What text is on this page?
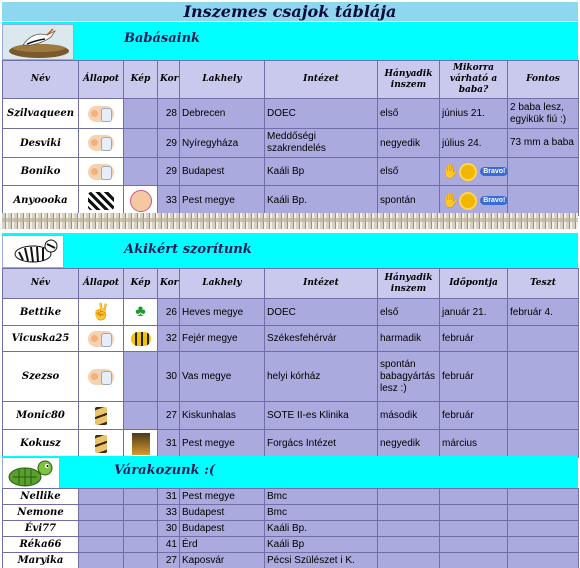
Inszemes csajok táblája
Babásaink
Név	Állapot	Kép	Kor	Lakhely	Intézet	Hányadik inszem	Mikorra várható a baba?	Fontos
Szilvaqueen			28	Debrecen	DOEC	első	június 21.	2 baba lesz, egyikük fiú :)
Desviki			29	Nyíregyháza	Meddőségi szakrendelés	negyedik	július 24.	73 mm a baba
Boniko			29	Budapest	Kaáli Bp	első	✋ Bravo!	
Anyoooka			33	Pest megye	Kaáli Bp.	spontán	✋ Bravo!	
Akikért szorítunk
Név	Állapot	Kép	Kor	Lakhely	Intézet	Hányadik inszem	Időpontja	Teszt
Bettike	✌	♣	26	Heves megye	DOEC	első	január 21.	február 4.
Vicuska25			32	Fejér megye	Székesfehérvár	harmadik	február	
Szezso			30	Vas megye	helyi kórház	spontán babagyártás lesz :)	február	
Monic80			27	Kiskunhalas	SOTE II-es Klinika	második	február	
Kokusz			31	Pest megye	Forgács Intézet	negyedik	március	
Várakozunk :(
Nellike			31	Pest megye	Bmc			
Nemone			33	Budapest	Bmc			
Évi77			30	Budapest	Kaáli Bp.			
Réka66			41	Érd	Kaáli Bp			
Maryika			27	Kaposvár	Pécsi Szülészet i K.			
